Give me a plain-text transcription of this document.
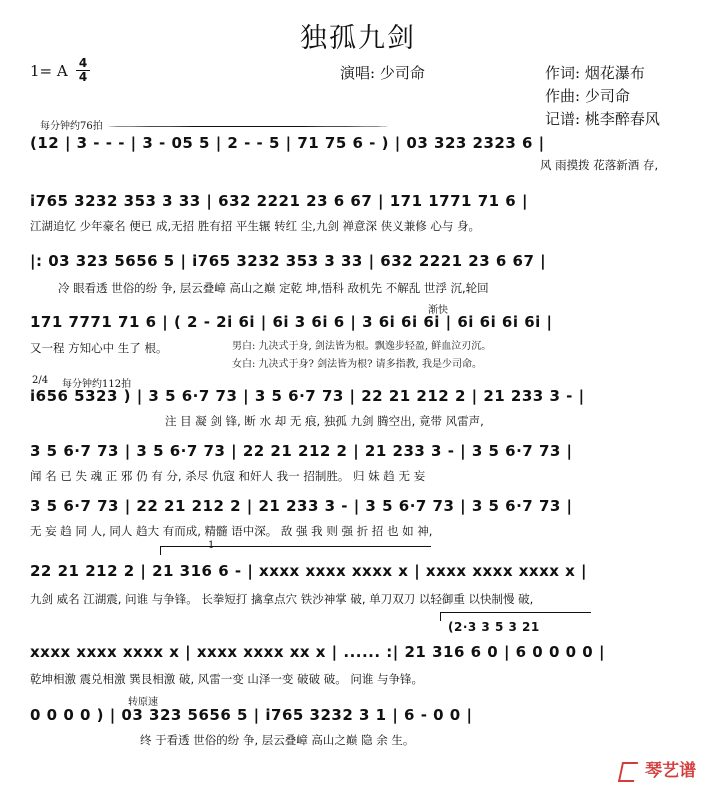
独孤九剑
1= A 4
4	演唱: 少司命	作词: 烟花瀑布
作曲: 少司命
记谱: 桃李醉春风
每分钟约76拍
(12 | 3 - - - | 3 - 05 5 | 2 - - 5 | 71 75 6 - ) | 03 323 2323 6 |
风 雨摸拨 花落新酒 存,
i765 3232 353 3 33 | 632 2221 23 6 67 | 171 1771 71 6 |
江湖追忆 少年豪名 便已 成,无招 胜有招 平生辗 转红 尘,九剑 禅意深 侠义兼修 心与 身。
|: 03 323 5656 5 | i765 3232 353 3 33 | 632 2221 23 6 67 |
冷 眼看透 世俗的纷 争, 层云叠嶂 高山之巅 定乾 坤,悟科 敌机先 不解乱 世浮 沉,轮回
渐快
171 7771 71 6 | ( 2 - 2i 6i | 6i 3 6i 6 | 3 6i 6i 6i | 6i 6i 6i 6i |
又一程 方知心中 生了 根。	男白: 九决式于身, 剑法皆为根。飘逸步轻盈, 鲜血泣刃沉。
女白: 九决式于身? 剑法皆为根? 请多指教, 我是少司命。
2/4 每分钟约112拍
i656 5323 ) | 3 5 6·7 73 | 3 5 6·7 73 | 22 21 212 2 | 21 233 3 - |
注 目 凝 剑 锋, 断 水 却 无 痕, 独孤 九剑 腾空出, 竟带 风雷声,
3 5 6·7 73 | 3 5 6·7 73 | 22 21 212 2 | 21 233 3 - | 3 5 6·7 73 |
闻 名 已 失 魂 正 邪 仍 有 分, 杀尽 仇寇 和奸人 我一 招制胜。 归 妹 趋 无 妄
3 5 6·7 73 | 22 21 212 2 | 21 233 3 - | 3 5 6·7 73 | 3 5 6·7 73 |
无 妄 趋 同 人, 同人 趋大 有而成, 精髓 语中深。 敌 强 我 则 强 折 招 也 如 神,
1
22 21 212 2 | 21 316 6 - | xxxx xxxx xxxx x | xxxx xxxx xxxx x |
九剑 威名 江湖震, 问谁 与争锋。 长拳短打 擒拿点穴 铁沙神掌 破, 单刀双刀 以轻御重 以快制慢 破,
(2·3 3 5 3 21
xxxx xxxx xxxx x | xxxx xxxx xx x | ...... :| 21 316 6 0 | 6 0 0 0 0 |
乾坤相激 震兑相激 巽艮相激 破, 风雷一变 山泽一变 破破 破。 问谁 与争锋。
转原速
0 0 0 0 ) | 03 323 5656 5 | i765 3232 3 1 | 6 - 0 0 |
终 于看透 世俗的纷 争, 层云叠嶂 高山之巅 隐 余 生。
琴艺谱
